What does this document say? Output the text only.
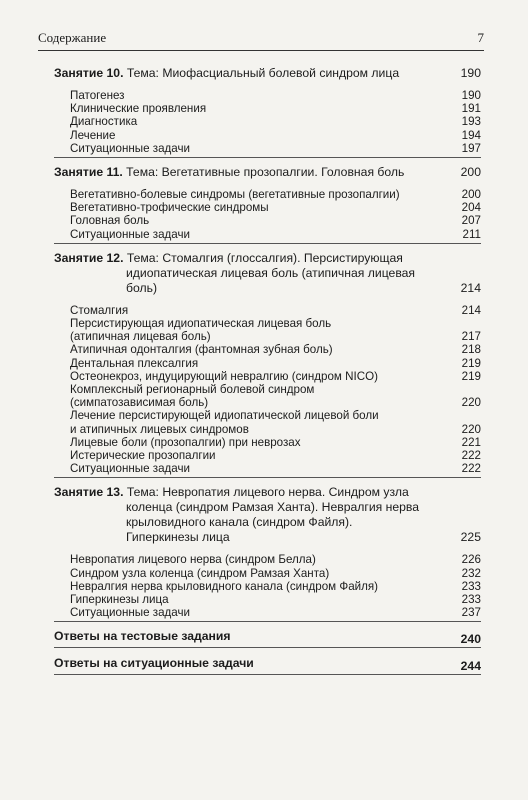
Содержание	7
Занятие 10. Тема: Миофасциальный болевой синдром лица	190
Патогенез	190
Клинические проявления	191
Диагностика	193
Лечение	194
Ситуационные задачи	197
Занятие 11. Тема: Вегетативные прозопалгии. Головная боль	200
Вегетативно-болевые синдромы (вегетативные прозопалгии)	200
Вегетативно-трофические синдромы	204
Головная боль	207
Ситуационные задачи	211
Занятие 12. Тема: Стомалгия (глоссалгия). Персистирующая
идиопатическая лицевая боль (атипичная лицевая боль)	214
Стомалгия	214
Персистирующая идиопатическая лицевая боль
(атипичная лицевая боль)	217
Атипичная одонталгия (фантомная зубная боль)	218
Дентальная плексалгия	219
Остеонекроз, индуцирующий невралгию (синдром NICO)	219
Комплексный регионарный болевой синдром
(симпатозависимая боль)	220
Лечение персистирующей идиопатической лицевой боли
и атипичных лицевых синдромов	220
Лицевые боли (прозопалгии) при неврозах	221
Истерические прозопалгии	222
Ситуационные задачи	222
Занятие 13. Тема: Невропатия лицевого нерва. Синдром узла
коленца (синдром Рамзая Ханта). Невралгия нерва
крыловидного канала (синдром Файля).
Гиперкинезы лица	225
Невропатия лицевого нерва (синдром Белла)	226
Синдром узла коленца (синдром Рамзая Ханта)	232
Невралгия нерва крыловидного канала (синдром Файля)	233
Гиперкинезы лица	233
Ситуационные задачи	237
Ответы на тестовые задания	240
Ответы на ситуационные задачи	244
